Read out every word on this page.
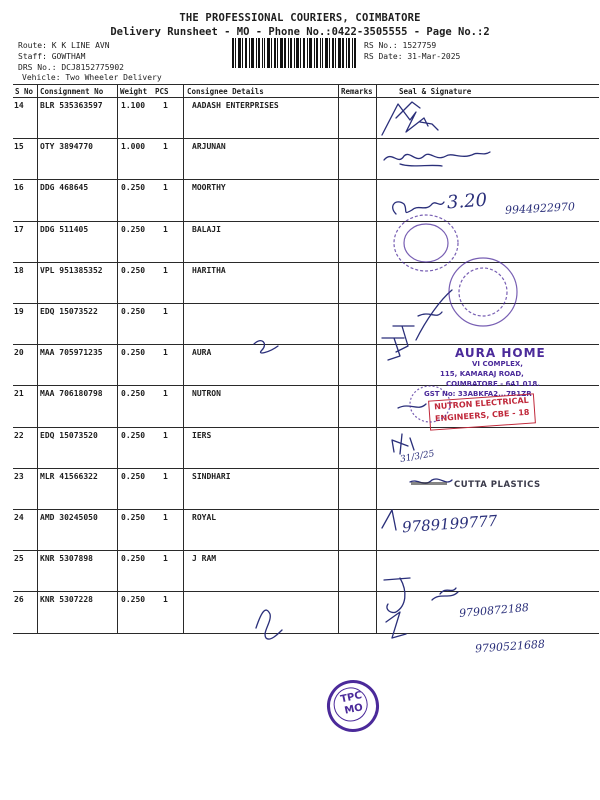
THE PROFESSIONAL COURIERS, COIMBATORE
Delivery Runsheet - MO - Phone No.:0422-3505555 - Page No.:2
Route: K K LINE AVN
Staff: GOWTHAM
DRS No.: DCJ8152775902
Vehicle: Two Wheeler Delivery
RS No.: 1527759
RS Date: 31-Mar-2025
S No Consignment No Weight PCS Consignee Details	Remarks	Seal & Signature
14 BLR 535363597 1.100 1	AADASH ENTERPRISES
15 OTY 3894770	1.000 1	ARJUNAN
16 DDG 468645	0.250 1	MOORTHY
17 DDG 511405	0.250 1	BALAJI
18 VPL 951385352 0.250 1	HARITHA
19 EDQ 15073522	0.250 1
20 MAA 705971235 0.250 1	AURA
21 MAA 706180798 0.250 1	NUTRON
22 EDQ 15073520	0.250 1	IERS
23 MLR 41566322	0.250 1	SINDHARI
24 AMD 30245050	0.250 1	ROYAL
25 KNR 5307898	0.250 1	J RAM
26 KNR 5307228	0.250 1
AURA HOME
VI COMPLEX,
115, KAMARAJ ROAD,
COIMBATORE - 641 018.
GST No: 33ABKFA2...7B1ZR
NUTRON ELECTRICAL
ENGINEERS, CBE - 18
CUTTA PLASTICS
3.20 9944922970
31/3/25
9789199777
9790872188
9790521688
TPC
MO
